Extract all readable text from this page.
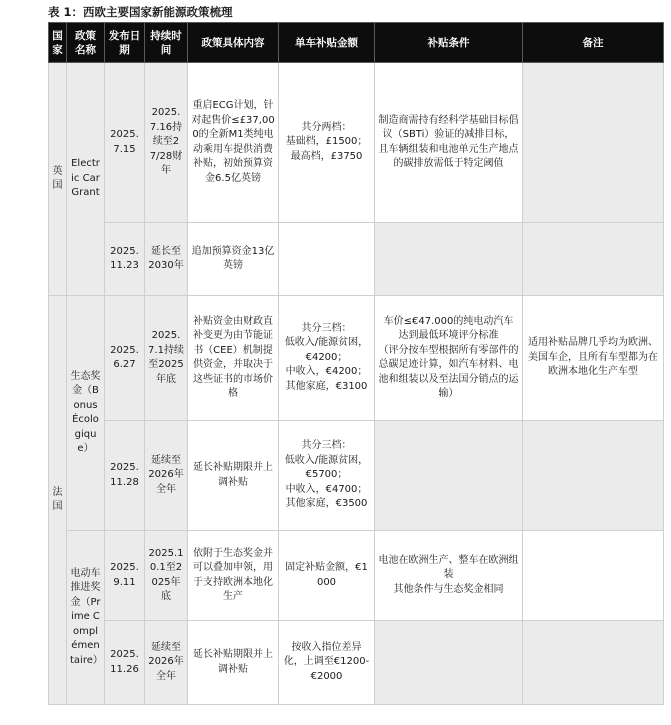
表 1：西欧主要国家新能源政策梳理
国家	政策名称	发布日期	持续时间	政策具体内容	单车补贴金额	补贴条件	备注
英国	Electric Car Grant	2025.7.15	2025.7.16持续至27/28财年	重启ECG计划，针对起售价≤£37,000的全新M1类纯电动乘用车提供消费补贴，初始预算资金6.5亿英镑	共分两档：
基础档，£1500；
最高档，£3750	制造商需持有经科学基础目标倡议（SBTi）验证的减排目标，且车辆组装和电池单元生产地点的碳排放需低于特定阈值	
		2025.11.23	延长至2030年	追加预算资金13亿英镑			
法国	生态奖金（Bonus Écologique）	2025.6.27	2025.7.1持续至2025年底	补贴资金由财政直补变更为由节能证书（CEE）机制提供资金，并取决于这些证书的市场价格	共分三档：
低收入/能源贫困，€4200；
中收入，€4200；
其他家庭，€3100	车价≤€47.000的纯电动汽车
达到最低环境评分标准
（评分按车型根据所有零部件的总碳足迹计算，如汽车材料、电池和组装以及至法国分销点的运输）	适用补贴品牌几乎均为欧洲、美国车企，且所有车型都为在欧洲本地化生产车型
		2025.11.28	延续至2026年全年	延长补贴期限并上调补贴	共分三档：
低收入/能源贫困，€5700；
中收入，€4700；
其他家庭，€3500		

	电动车推进奖金（Prime Complémentaire）	2025.9.11	2025.10.1至2025年底	依附于生态奖金并可以叠加申领，用于支持欧洲本地化生产	固定补贴金额，€1000	电池在欧洲生产、整车在欧洲组装
其他条件与生态奖金相同	

		2025.11.26	延续至2026年全年	延长补贴期限并上调补贴	按收入指位差异化，上调至€1200-€2000		
